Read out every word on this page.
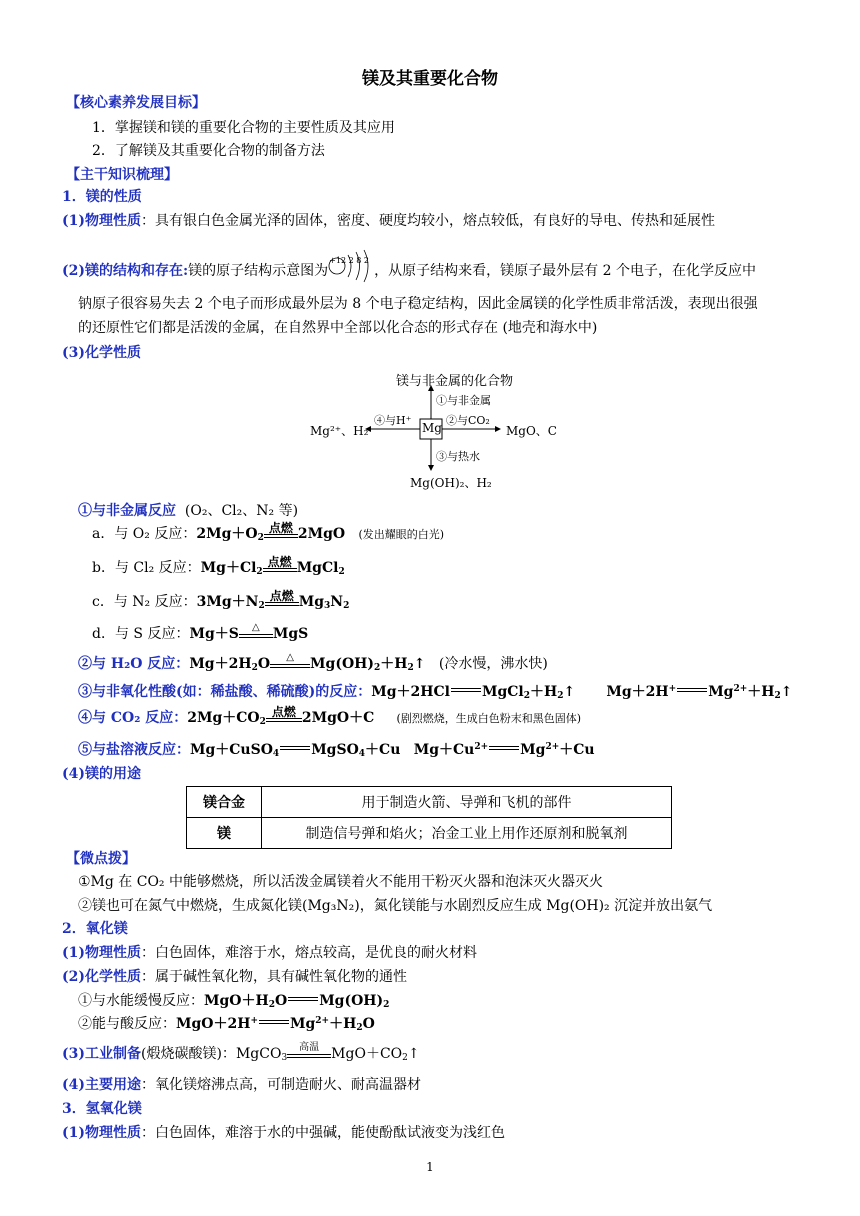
镁及其重要化合物
【核心素养发展目标】
1．掌握镁和镁的重要化合物的主要性质及其应用
2．了解镁及其重要化合物的制备方法
【主干知识梳理】
1．镁的性质
(1)物理性质：具有银白色金属光泽的固体，密度、硬度均较小，熔点较低，有良好的导电、传热和延展性
(2)镁的结构和存在:镁的原子结构示意图为
+12 2 8 2
，从原子结构来看，镁原子最外层有 2 个电子，在化学反应中
钠原子很容易失去 2 个电子而形成最外层为 8 个电子稳定结构，因此金属镁的化学性质非常活泼，表现出很强
的还原性它们都是活泼的金属，在自然界中全部以化合态的形式存在 (地壳和海水中)
(3)化学性质
镁与非金属的化合物
①与非金属
④与H⁺	②与CO₂
Mg
Mg²⁺、H₂	MgO、C
③与热水
Mg(OH)₂、H₂
①与非金属反应 (O₂、Cl₂、N₂ 等)
a．与 O₂ 反应：$2Mg+O_2$
点燃 2MgO (发出耀眼的白光)
b．与 Cl₂ 反应：$Mg+Cl_2$
点燃 MgCl$_2$
c．与 N₂ 反应：$3Mg+N_2$
点燃 $Mg_3N_2$
d．与 S 反应：Mg＋S	△ MgS
②与 H₂O 反应：$Mg+2H_2O$	△	$Mg(OH)_2+H_2↑$ (冷水慢，沸水快)
③与非氧化性酸(如：稀盐酸、稀硫酸)的反应：Mg＋2HCl $MgCl_2+H_2↑$ Mg＋2H+ $Mg^{2+}+H_2↑$
④与 CO₂ 反应：$2Mg+CO_2$
点燃 2MgO＋C (剧烈燃烧，生成白色粉末和黑色固体)
⑤与盐溶液反应：Mg＋CuSO$_4$ MgSO$_4$＋Cu $Mg+Cu^{2+}$ $Mg^{2+}+Cu$
(4)镁的用途
镁合金	用于制造火箭、导弹和飞机的部件
镁	制造信号弹和焰火；冶金工业上用作还原剂和脱氧剂
【微点拨】
①Mg 在 CO₂ 中能够燃烧，所以活泼金属镁着火不能用干粉灭火器和泡沫灭火器灭火
②镁也可在氮气中燃烧，生成氮化镁(Mg₃N₂)，氮化镁能与水剧烈反应生成 Mg(OH)₂ 沉淀并放出氨气
2．氧化镁
(1)物理性质：白色固体，难溶于水，熔点较高，是优良的耐火材料
(2)化学性质：属于碱性氧化物，具有碱性氧化物的通性
①与水能缓慢反应：$MgO+H_2O$ $Mg(OH)_2$
②能与酸反应：MgO＋2H+ $Mg^{2+}+H_2O$
(3)工业制备(煅烧碳酸镁)：MgCO$_3$
高温 $MgO+CO_2↑$
(4)主要用途：氧化镁熔沸点高，可制造耐火、耐高温器材
3．氢氧化镁
(1)物理性质：白色固体，难溶于水的中强碱，能使酚酞试液变为浅红色
1
